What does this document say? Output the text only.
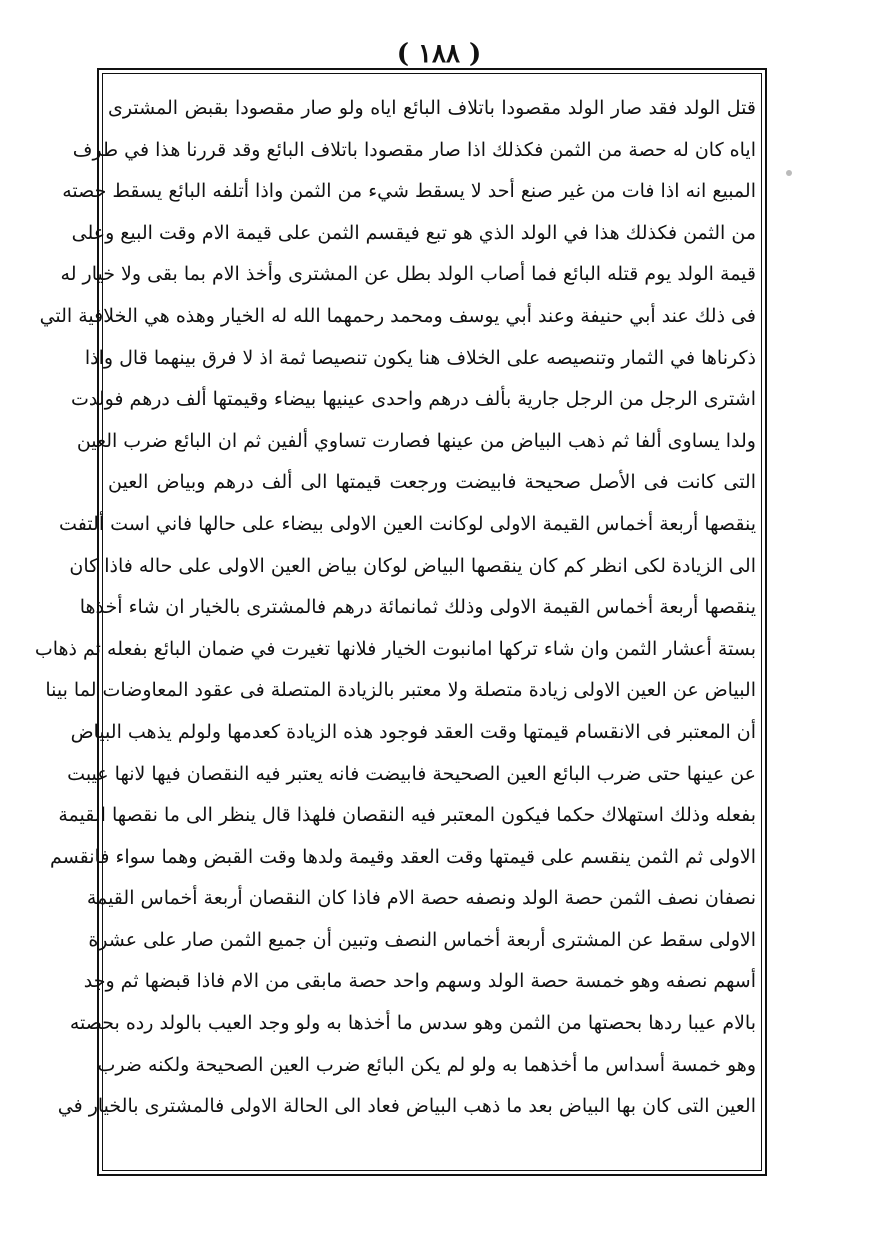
( ١٨٨ )
قتل الولد فقد صار الولد مقصودا باتلاف البائع اياه ولو صار مقصودا بقبض المشترى
اياه كان له حصة من الثمن فكذلك اذا صار مقصودا باتلاف البائع وقد قررنا هذا في طرف
المبيع انه اذا فات من غير صنع أحد لا يسقط شيء من الثمن واذا أتلفه البائع يسقط حصته
من الثمن فكذلك هذا في الولد الذي هو تبع فيقسم الثمن على قيمة الام وقت البيع وعلى
قيمة الولد يوم قتله البائع فما أصاب الولد بطل عن المشترى وأخذ الام بما بقى ولا خيار له
فى ذلك عند أبي حنيفة وعند أبي يوسف ومحمد رحمهما الله له الخيار وهذه هي الخلافية التي
ذكرناها في الثمار وتنصيصه على الخلاف هنا يكون تنصيصا ثمة اذ لا فرق بينهما قال واذا
اشترى الرجل من الرجل جارية بألف درهم واحدى عينيها بيضاء وقيمتها ألف درهم فولدت
ولدا يساوى ألفا ثم ذهب البياض من عينها فصارت تساوي ألفين ثم ان البائع ضرب العين
التى كانت فى الأصل صحيحة فابيضت ورجعت قيمتها الى ألف درهم وبياض العين
ينقصها أربعة أخماس القيمة الاولى لوكانت العين الاولى بيضاء على حالها فاني است ألتفت
الى الزيادة لكى انظر كم كان ينقصها البياض لوكان بياض العين الاولى على حاله فاذا كان
ينقصها أربعة أخماس القيمة الاولى وذلك ثمانمائة درهم فالمشترى بالخيار ان شاء أخذها
بستة أعشار الثمن وان شاء تركها امانبوت الخيار فلانها تغيرت في ضمان البائع بفعله ثم ذهاب
البياض عن العين الاولى زيادة متصلة ولا معتبر بالزيادة المتصلة فى عقود المعاوضات لما بينا
أن المعتبر فى الانقسام قيمتها وقت العقد فوجود هذه الزيادة كعدمها ولولم يذهب البياض
عن عينها حتى ضرب البائع العين الصحيحة فابيضت فانه يعتبر فيه النقصان فيها لانها عيبت
بفعله وذلك استهلاك حكما فيكون المعتبر فيه النقصان فلهذا قال ينظر الى ما نقصها القيمة
الاولى ثم الثمن ينقسم على قيمتها وقت العقد وقيمة ولدها وقت القبض وهما سواء فانقسم
نصفان نصف الثمن حصة الولد ونصفه حصة الام فاذا كان النقصان أربعة أخماس القيمة
الاولى سقط عن المشترى أربعة أخماس النصف وتبين أن جميع الثمن صار على عشرة
أسهم نصفه وهو خمسة حصة الولد وسهم واحد حصة مابقى من الام فاذا قبضها ثم وجد
بالام عيبا ردها بحصتها من الثمن وهو سدس ما أخذها به ولو وجد العيب بالولد رده بحصته
وهو خمسة أسداس ما أخذهما به ولو لم يكن البائع ضرب العين الصحيحة ولكنه ضرب
العين التى كان بها البياض بعد ما ذهب البياض فعاد الى الحالة الاولى فالمشترى بالخيار في
